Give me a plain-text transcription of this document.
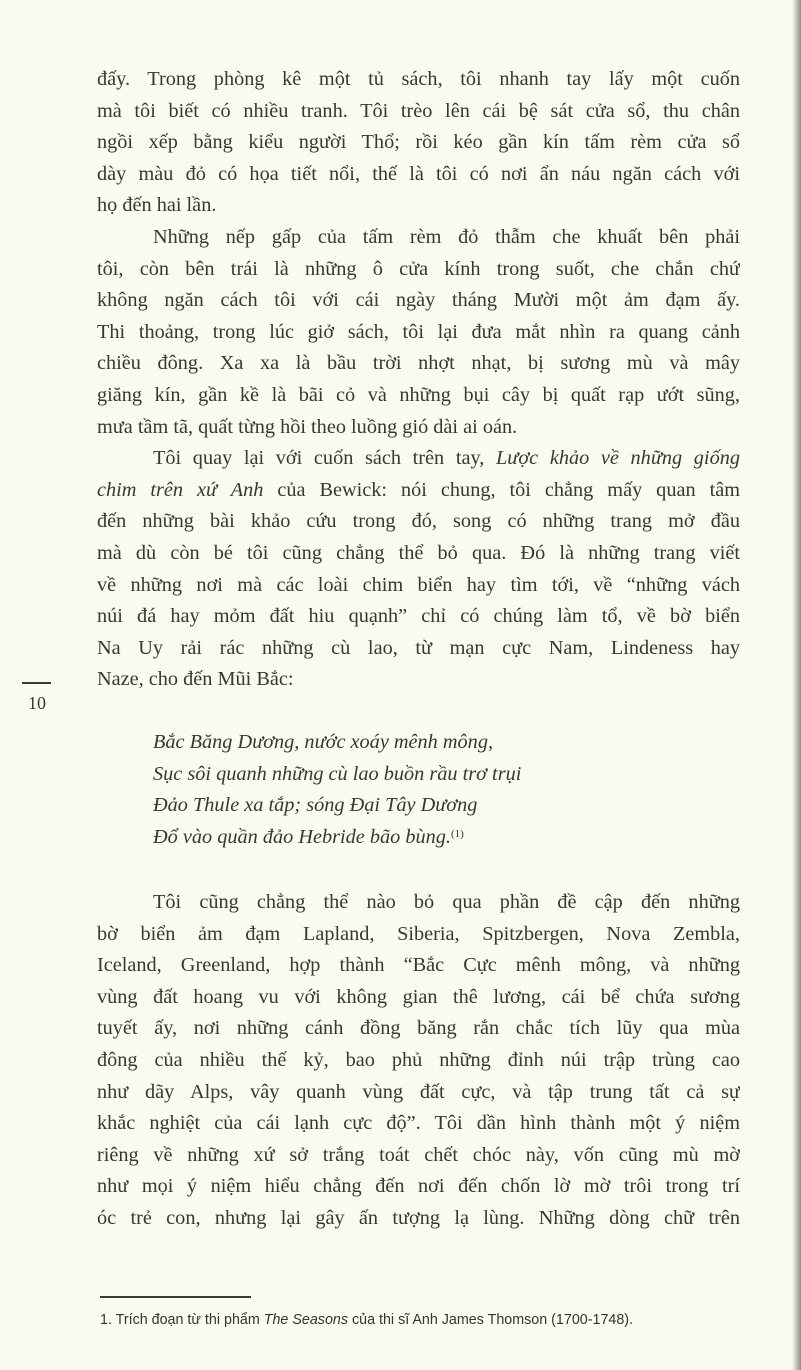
đấy. Trong phòng kê một tủ sách, tôi nhanh tay lấy một cuốn
mà tôi biết có nhiều tranh. Tôi trèo lên cái bệ sát cửa sổ, thu chân
ngồi xếp bằng kiểu người Thổ; rồi kéo gần kín tấm rèm cửa sổ
dày màu đỏ có họa tiết nổi, thế là tôi có nơi ẩn náu ngăn cách với
họ đến hai lần.
Những nếp gấp của tấm rèm đỏ thẫm che khuất bên phải
tôi, còn bên trái là những ô cửa kính trong suốt, che chắn chứ
không ngăn cách tôi với cái ngày tháng Mười một ảm đạm ấy.
Thi thoảng, trong lúc giở sách, tôi lại đưa mắt nhìn ra quang cảnh
chiều đông. Xa xa là bầu trời nhợt nhạt, bị sương mù và mây
giăng kín, gần kề là bãi cỏ và những bụi cây bị quất rạp ướt sũng,
mưa tầm tã, quất từng hồi theo luồng gió dài ai oán.
Tôi quay lại với cuốn sách trên tay, Lược khảo về những giống
chim trên xứ Anh của Bewick: nói chung, tôi chẳng mấy quan tâm
đến những bài khảo cứu trong đó, song có những trang mở đầu
mà dù còn bé tôi cũng chẳng thể bỏ qua. Đó là những trang viết
về những nơi mà các loài chim biển hay tìm tới, về “những vách
núi đá hay mỏm đất hiu quạnh” chỉ có chúng làm tổ, về bờ biển
Na Uy rải rác những cù lao, từ mạn cực Nam, Lindeness hay
Naze, cho đến Mũi Bắc:
Bắc Băng Dương, nước xoáy mênh mông,
Sục sôi quanh những cù lao buồn rầu trơ trụi
Đảo Thule xa tắp; sóng Đại Tây Dương
Đổ vào quần đảo Hebride bão bùng.$^{(1)}$
Tôi cũng chẳng thể nào bỏ qua phần đề cập đến những
bờ biển ảm đạm Lapland, Siberia, Spitzbergen, Nova Zembla,
Iceland, Greenland, hợp thành “Bắc Cực mênh mông, và những
vùng đất hoang vu với không gian thê lương, cái bể chứa sương
tuyết ấy, nơi những cánh đồng băng rắn chắc tích lũy qua mùa
đông của nhiều thế kỷ, bao phủ những đỉnh núi trập trùng cao
như dãy Alps, vây quanh vùng đất cực, và tập trung tất cả sự
khắc nghiệt của cái lạnh cực độ”. Tôi dần hình thành một ý niệm
riêng về những xứ sở trắng toát chết chóc này, vốn cũng mù mờ
như mọi ý niệm hiểu chẳng đến nơi đến chốn lờ mờ trôi trong trí
óc trẻ con, nhưng lại gây ấn tượng lạ lùng. Những dòng chữ trên
10
1. Trích đoạn từ thi phẩm The Seasons của thi sĩ Anh James Thomson (1700-1748).
